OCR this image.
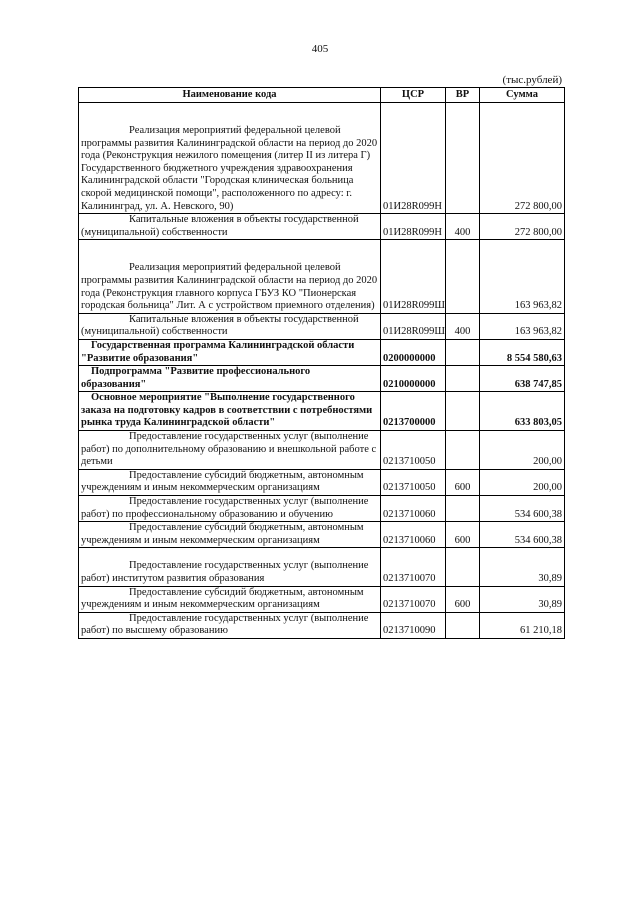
405
(тыс.рублей)
Наименование кода	ЦСР	ВР	Сумма
Реализация мероприятий федеральной целевой программы развития Калининградской области на период до 2020 года (Реконструкция нежилого помещения (литер II из литера Г) Государственного бюджетного учреждения здравоохранения Калининградской области "Городская клиническая больница скорой медицинской помощи", расположенного по адресу: г. Калининград, ул. А. Невского, 90)	01И28R099Н		272 800,00
Капитальные вложения в объекты государственной (муниципальной) собственности	01И28R099Н	400	272 800,00
Реализация мероприятий федеральной целевой программы развития Калининградской области на период до 2020 года (Реконструкция главного корпуса ГБУЗ КО "Пионерская городская больница" Лит. А с устройством приемного отделения)	01И28R099Ш		163 963,82
Капитальные вложения в объекты государственной (муниципальной) собственности	01И28R099Ш	400	163 963,82
Государственная программа Калининградской области "Развитие образования"	0200000000		8 554 580,63
Подпрограмма "Развитие профессионального образования"	0210000000		638 747,85
Основное мероприятие "Выполнение государственного заказа на подготовку кадров в соответствии с потребностями рынка труда Калининградской области"	0213700000		633 803,05
Предоставление государственных услуг (выполнение работ) по дополнительному образованию и внешкольной работе с детьми	0213710050		200,00
Предоставление субсидий бюджетным, автономным учреждениям и иным некоммерческим организациям	0213710050	600	200,00
Предоставление государственных услуг (выполнение работ) по профессиональному образованию и обучению	0213710060		534 600,38
Предоставление субсидий бюджетным, автономным учреждениям и иным некоммерческим организациям	0213710060	600	534 600,38
Предоставление государственных услуг (выполнение работ) институтом развития образования	0213710070		30,89
Предоставление субсидий бюджетным, автономным учреждениям и иным некоммерческим организациям	0213710070	600	30,89
Предоставление государственных услуг (выполнение работ) по высшему образованию	0213710090		61 210,18
